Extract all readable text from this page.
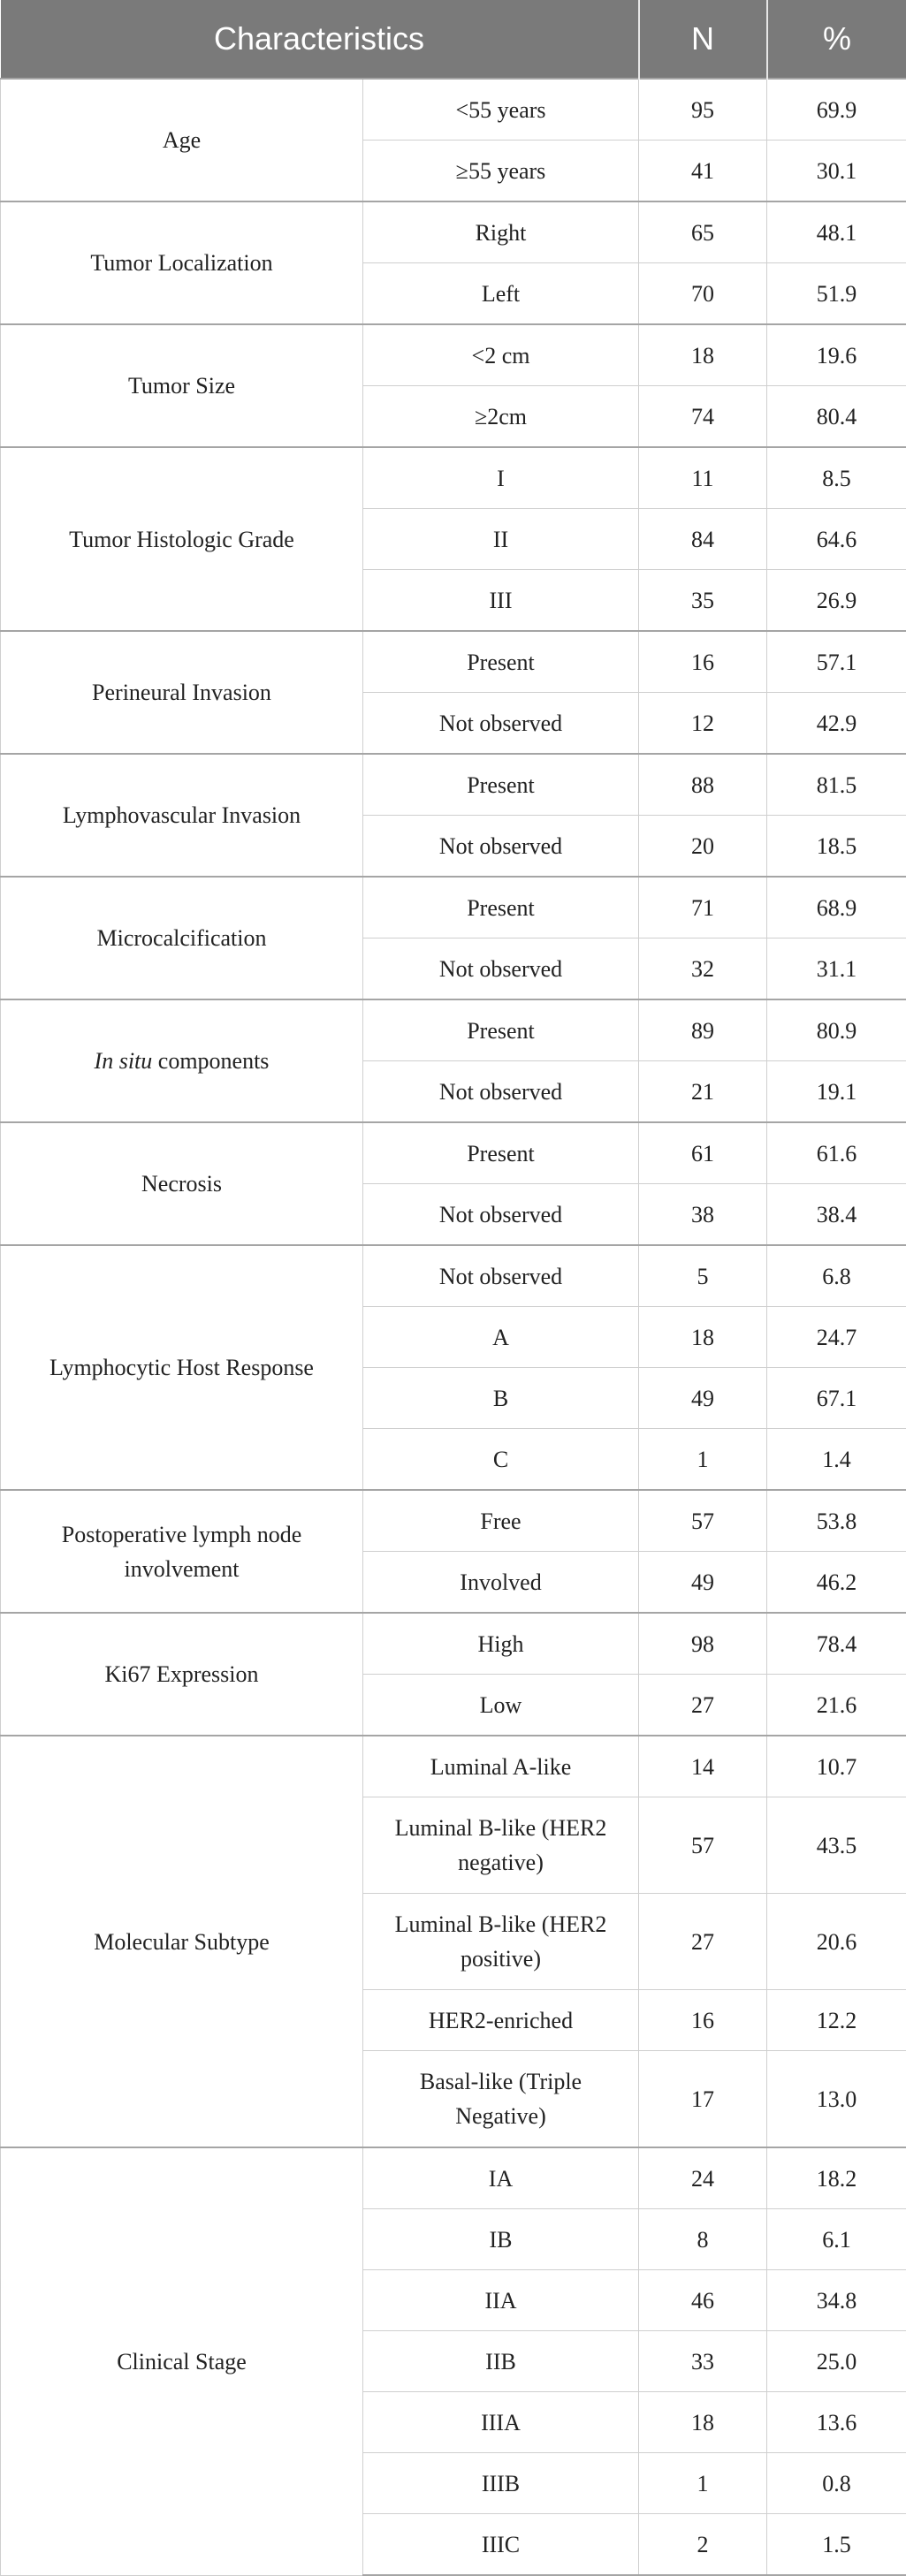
Characteristics		N	%
Age	<55 years	95	69.9
	≥55 years	41	30.1
Tumor Localization	Right	65	48.1
	Left	70	51.9
Tumor Size	<2 cm	18	19.6
	≥2cm	74	80.4
Tumor Histologic Grade	I	11	8.5
	II	84	64.6
	III	35	26.9
Perineural Invasion	Present	16	57.1
	Not observed	12	42.9
Lymphovascular Invasion	Present	88	81.5
	Not observed	20	18.5
Microcalcification	Present	71	68.9
	Not observed	32	31.1
In situ components	Present	89	80.9
	Not observed	21	19.1
Necrosis	Present	61	61.6
	Not observed	38	38.4
Lymphocytic Host Response	Not observed	5	6.8
	A	18	24.7
	B	49	67.1
	C	1	1.4
Postoperative lymph node involvement	Free	57	53.8
	Involved	49	46.2
Ki67 Expression	High	98	78.4
	Low	27	21.6
Molecular Subtype	Luminal A-like	14	10.7
	Luminal B-like (HER2 negative)	57	43.5
	Luminal B-like (HER2 positive)	27	20.6
	HER2-enriched	16	12.2
	Basal-like (Triple Negative)	17	13.0
Clinical Stage	IA	24	18.2
	IB	8	6.1
	IIA	46	34.8
	IIB	33	25.0
	IIIA	18	13.6
	IIIB	1	0.8
	IIIC	2	1.5
